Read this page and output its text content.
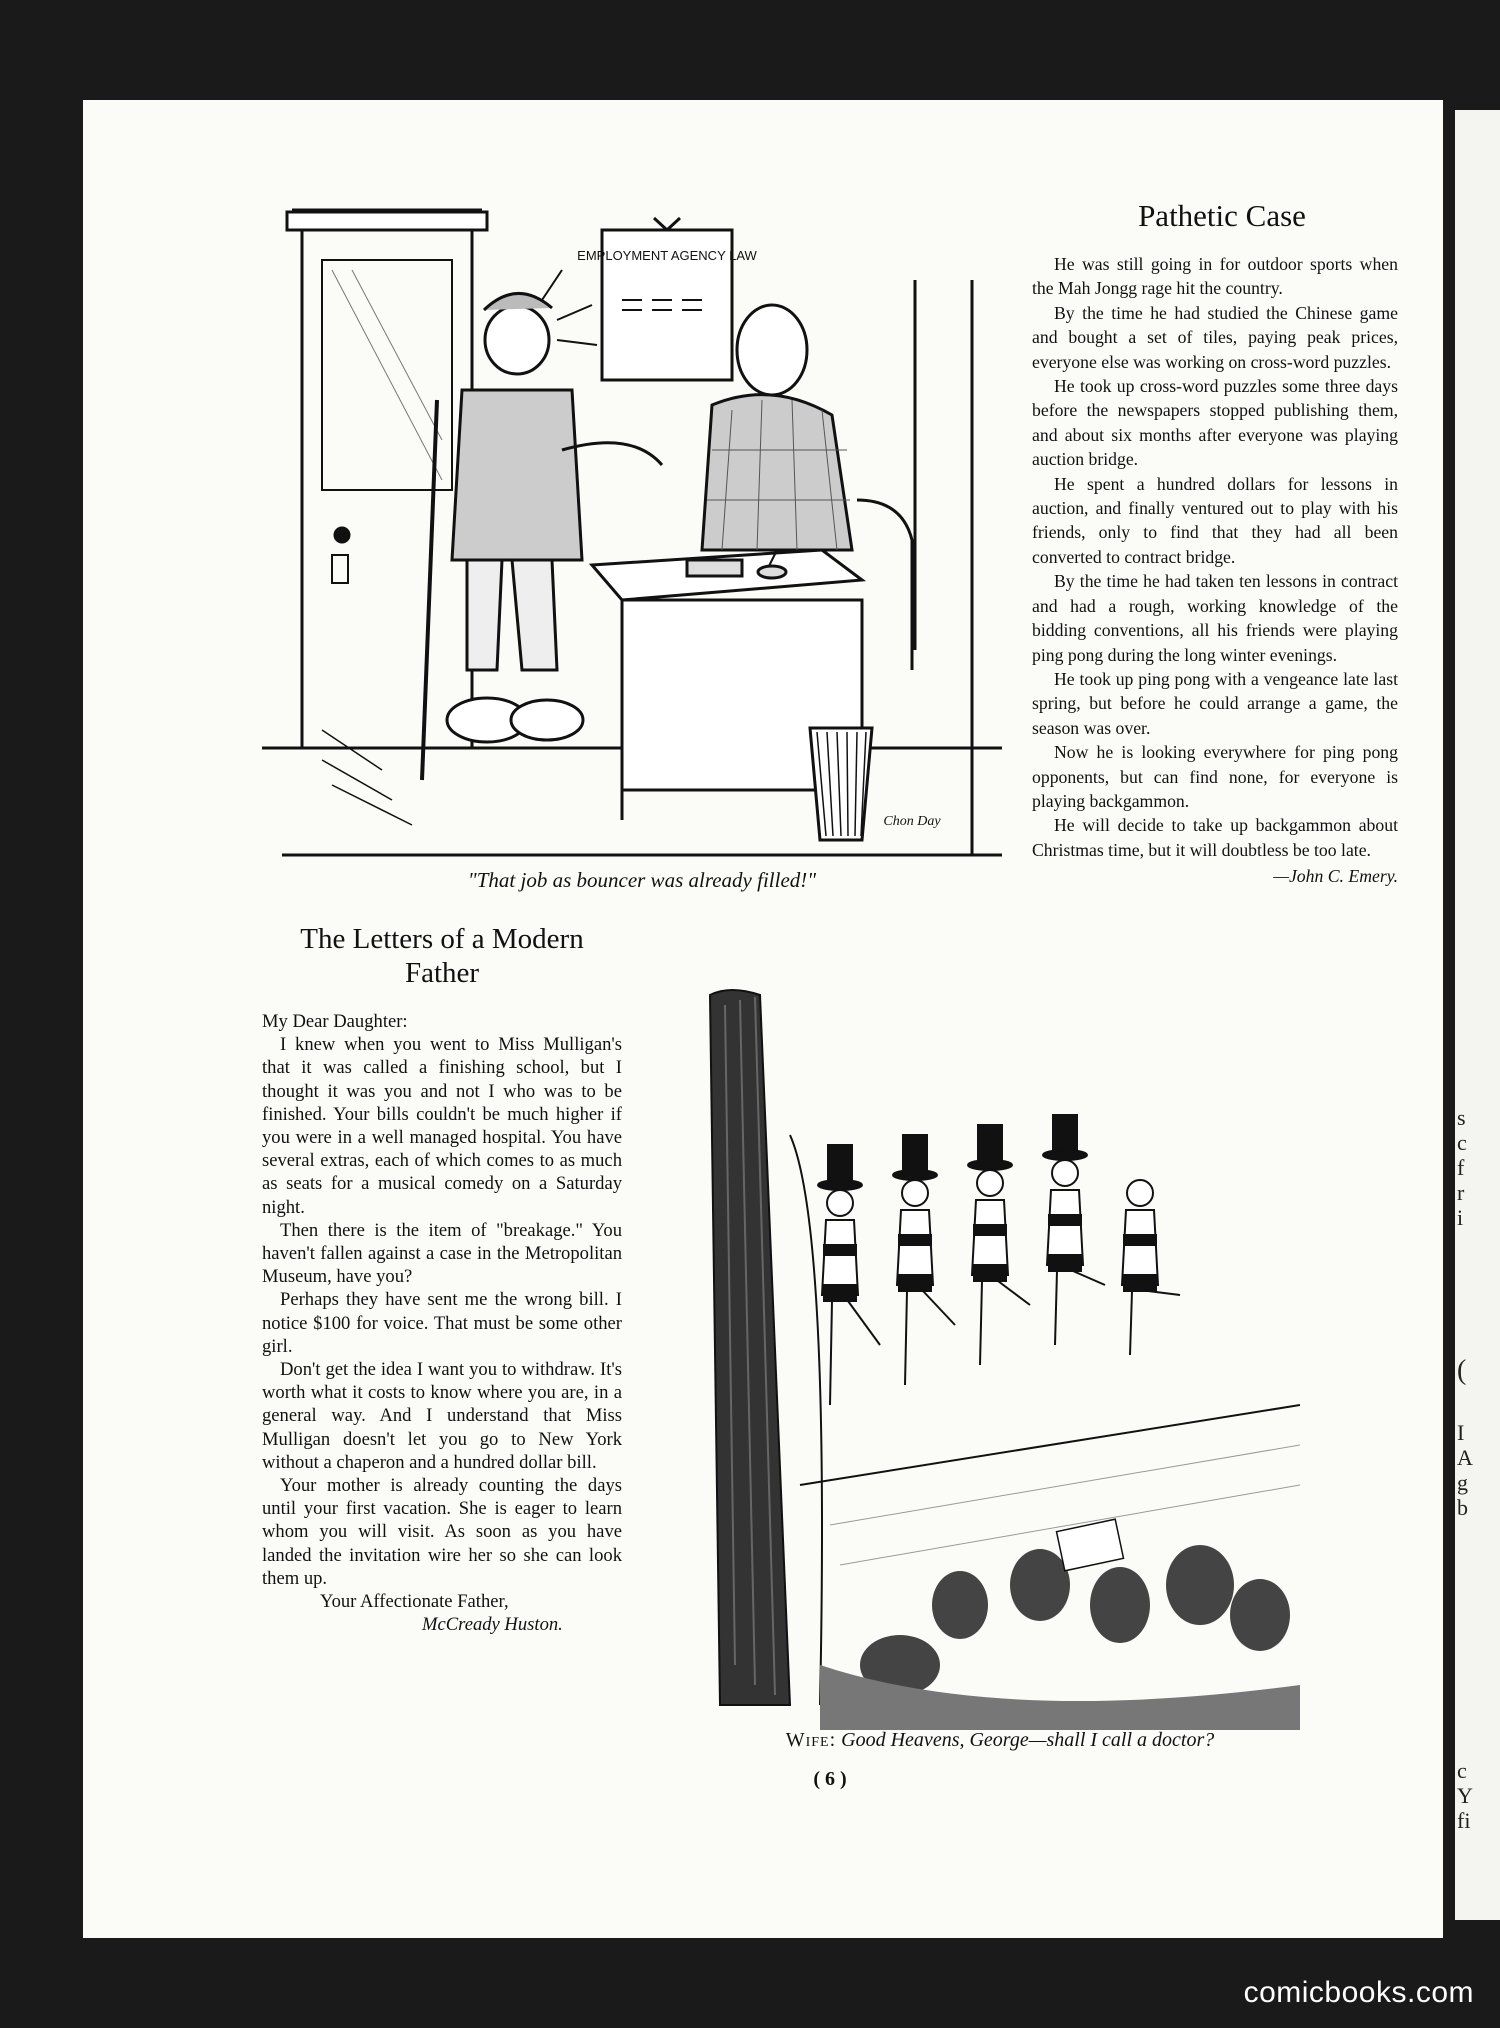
s
c
f
r
i
(
I
A
g
b
c
Y
fi
EMPLOYMENT AGENCY LAW
Chon Day
"That job as bouncer was already filled!"
Pathetic Case

He was still going in for outdoor sports when the Mah Jongg rage hit the country.

By the time he had studied the Chinese game and bought a set of tiles, paying peak prices, everyone else was working on cross-word puzzles.

He took up cross-word puzzles some three days before the newspapers stopped publishing them, and about six months after everyone was playing auction bridge.

He spent a hundred dollars for lessons in auction, and finally ventured out to play with his friends, only to find that they had all been converted to contract bridge.

By the time he had taken ten lessons in contract and had a rough, working knowledge of the bidding conventions, all his friends were playing ping pong during the long winter evenings.

He took up ping pong with a vengeance late last spring, but before he could arrange a game, the season was over.

Now he is looking everywhere for ping pong opponents, but can find none, for everyone is playing backgammon.

He will decide to take up backgammon about Christmas time, but it will doubtless be too late.

—John C. Emery.
The Letters of a Modern Father

My Dear Daughter:

I knew when you went to Miss Mulligan's that it was called a finishing school, but I thought it was you and not I who was to be finished. Your bills couldn't be much higher if you were in a well managed hospital. You have several extras, each of which comes to as much as seats for a musical comedy on a Saturday night.

Then there is the item of "breakage." You haven't fallen against a case in the Metropolitan Museum, have you?

Perhaps they have sent me the wrong bill. I notice $100 for voice. That must be some other girl.

Don't get the idea I want you to withdraw. It's worth what it costs to know where you are, in a general way. And I understand that Miss Mulligan doesn't let you go to New York without a chaperon and a hundred dollar bill.

Your mother is already counting the days until your first vacation. She is eager to learn whom you will visit. As soon as you have landed the invitation wire her so she can look them up.

Your Affectionate Father,
McCready Huston.
Wife: Good Heavens, George—shall I call a doctor?
( 6 )
comicbooks.com
